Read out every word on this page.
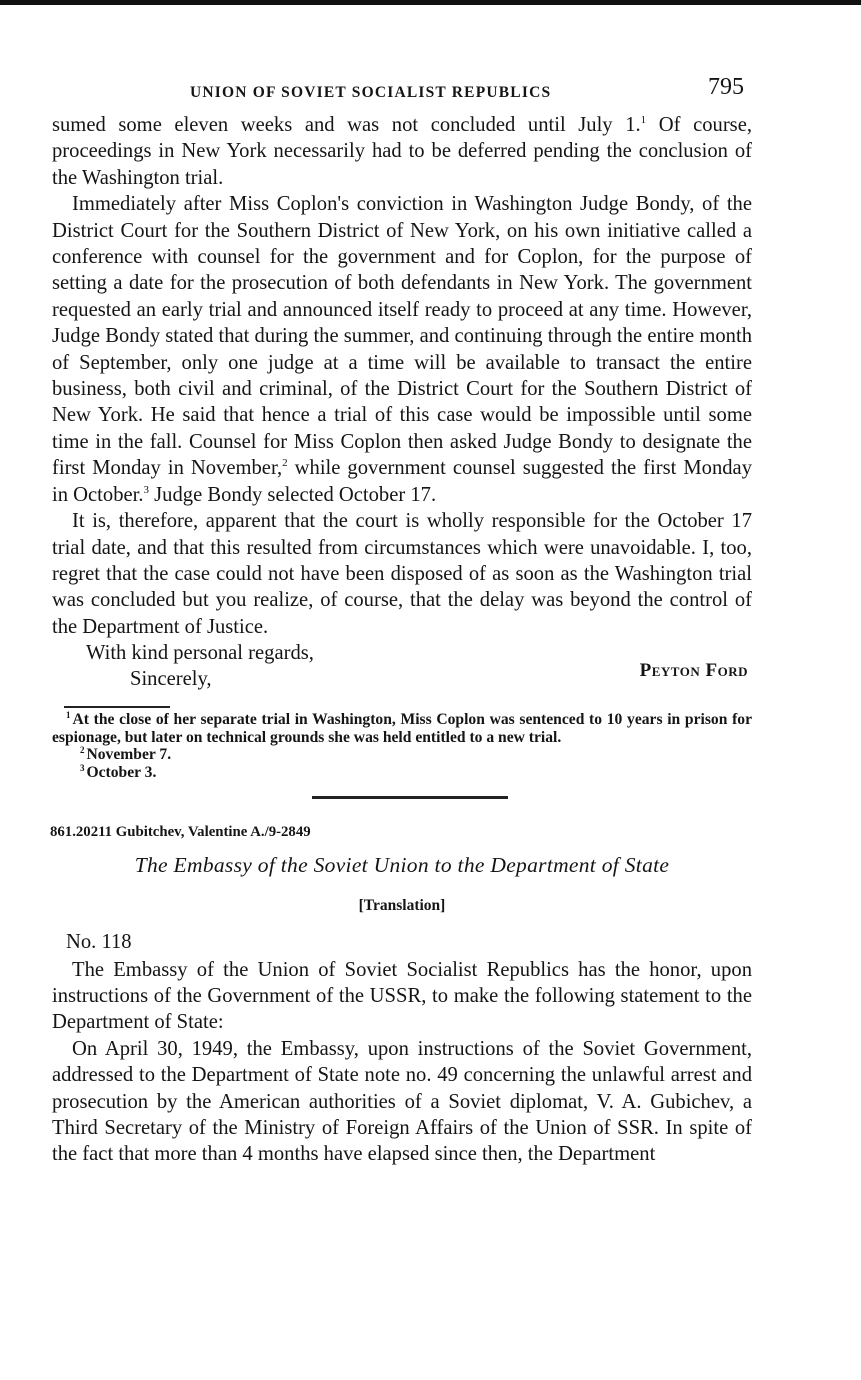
UNION OF SOVIET SOCIALIST REPUBLICS	795

sumed some eleven weeks and was not concluded until July 1.$^1$ Of course, proceedings in New York necessarily had to be deferred pending the conclusion of the Washington trial.

Immediately after Miss Coplon's conviction in Washington Judge Bondy, of the District Court for the Southern District of New York, on his own initiative called a conference with counsel for the government and for Coplon, for the purpose of setting a date for the prosecution of both defendants in New York. The government requested an early trial and announced itself ready to proceed at any time. However, Judge Bondy stated that during the summer, and continuing through the entire month of September, only one judge at a time will be available to transact the entire business, both civil and criminal, of the District Court for the Southern District of New York. He said that hence a trial of this case would be impossible until some time in the fall. Counsel for Miss Coplon then asked Judge Bondy to designate the first Monday in November,$^2$ while government counsel suggested the first Monday in October.$^3$ Judge Bondy selected October 17.

It is, therefore, apparent that the court is wholly responsible for the October 17 trial date, and that this resulted from circumstances which were unavoidable. I, too, regret that the case could not have been disposed of as soon as the Washington trial was concluded but you realize, of course, that the delay was beyond the control of the Department of Justice.

With kind personal regards,
Sincerely,	Peyton Ford

$^1$ At the close of her separate trial in Washington, Miss Coplon was sentenced to 10 years in prison for espionage, but later on technical grounds she was held entitled to a new trial.

$^2$ November 7.

$^3$ October 3.

861.20211 Gubitchev, Valentine A./9-2849
The Embassy of the Soviet Union to the Department of State
[Translation]
No. 118

The Embassy of the Union of Soviet Socialist Republics has the honor, upon instructions of the Government of the USSR, to make the following statement to the Department of State:

On April 30, 1949, the Embassy, upon instructions of the Soviet Government, addressed to the Department of State note no. 49 concerning the unlawful arrest and prosecution by the American authorities of a Soviet diplomat, V. A. Gubichev, a Third Secretary of the Ministry of Foreign Affairs of the Union of SSR. In spite of the fact that more than 4 months have elapsed since then, the Department
